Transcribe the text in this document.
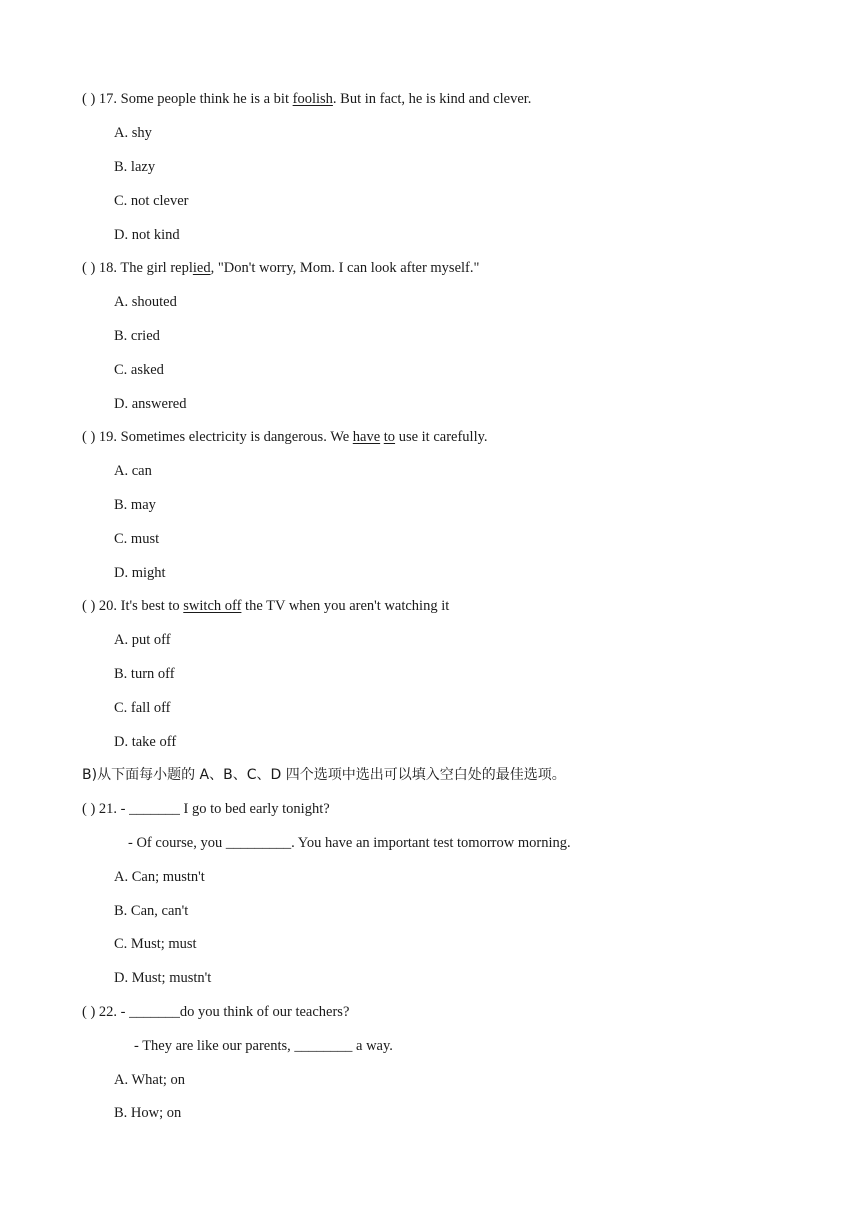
( ) 17. Some people think he is a bit foolish. But in fact, he is kind and clever.
A. shy
B. lazy
C. not clever
D. not kind
( ) 18. The girl replied, "Don't worry, Mom. I can look after myself."
A. shouted
B. cried
C. asked
D. answered
( ) 19. Sometimes electricity is dangerous. We have to use it carefully.
A. can
B. may
C. must
D. might
( ) 20. It's best to switch off the TV when you aren't watching it
A. put off
B. turn off
C. fall off
D. take off
B)从下面每小题的 A、B、C、D 四个选项中选出可以填入空白处的最佳选项。
( ) 21. - _______ I go to bed early tonight?
- Of course, you _________. You have an important test tomorrow morning.
A. Can; mustn't
B. Can, can't
C. Must; must
D. Must; mustn't
( ) 22. - _______do you think of our teachers?
- They are like our parents, ________ a way.
A. What; on
B. How; on
